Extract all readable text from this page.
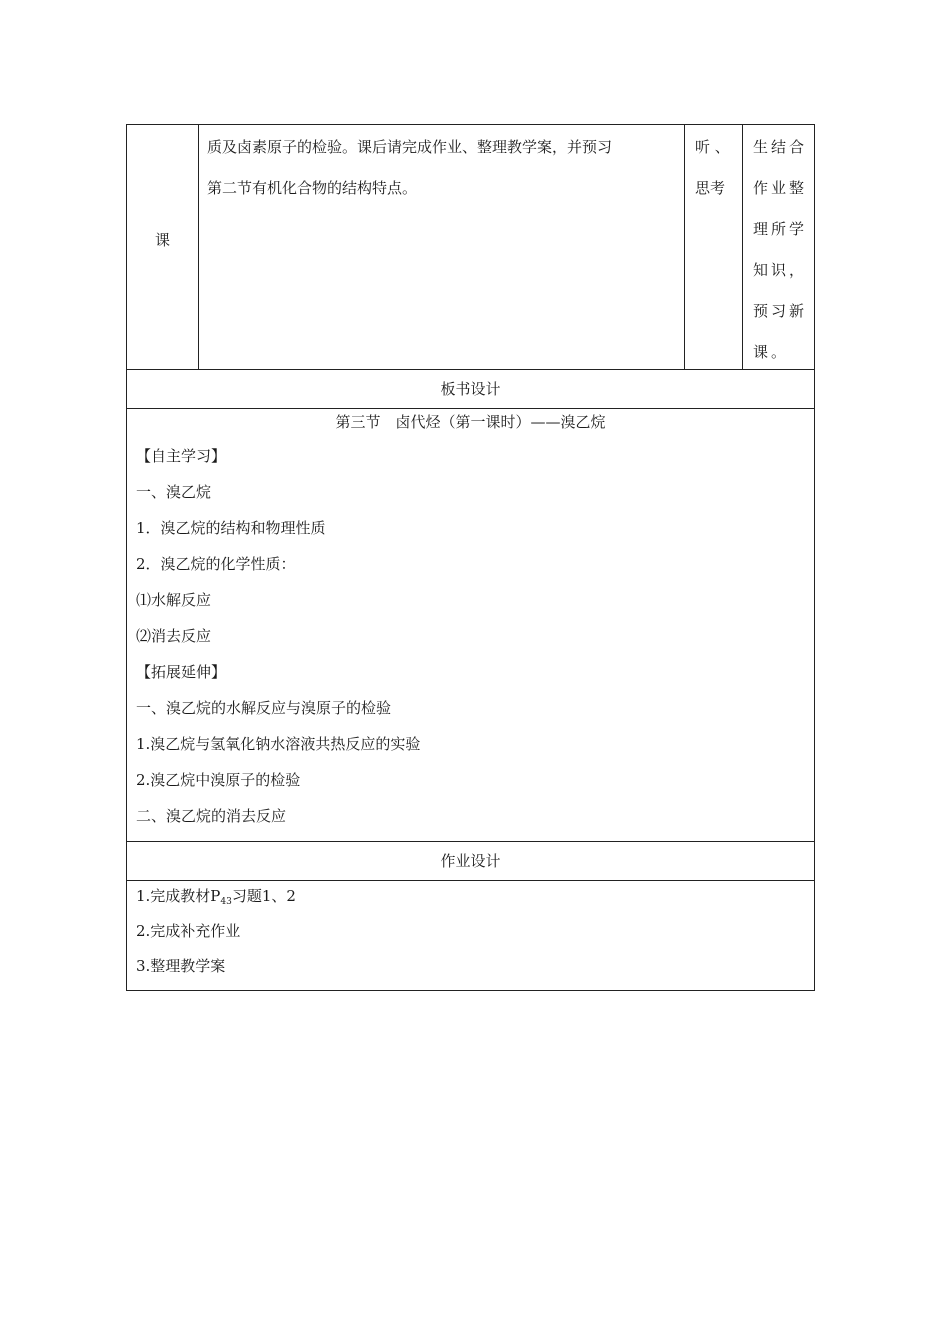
课
质及卤素原子的检验。课后请完成作业、整理教学案，并预习
第二节有机化合物的结构特点。
听 、
思考
生结合
作业整
理所学
知识，
预习新
课。
板书设计
第三节　卤代烃（第一课时）——溴乙烷
【自主学习】
一、溴乙烷
1．溴乙烷的结构和物理性质
2．溴乙烷的化学性质：
⑴水解反应
⑵消去反应
【拓展延伸】
一、溴乙烷的水解反应与溴原子的检验
1.溴乙烷与氢氧化钠水溶液共热反应的实验
2.溴乙烷中溴原子的检验
二、溴乙烷的消去反应
作业设计
1.完成教材$P_{43}$习题1、2
2.完成补充作业
3.整理教学案
